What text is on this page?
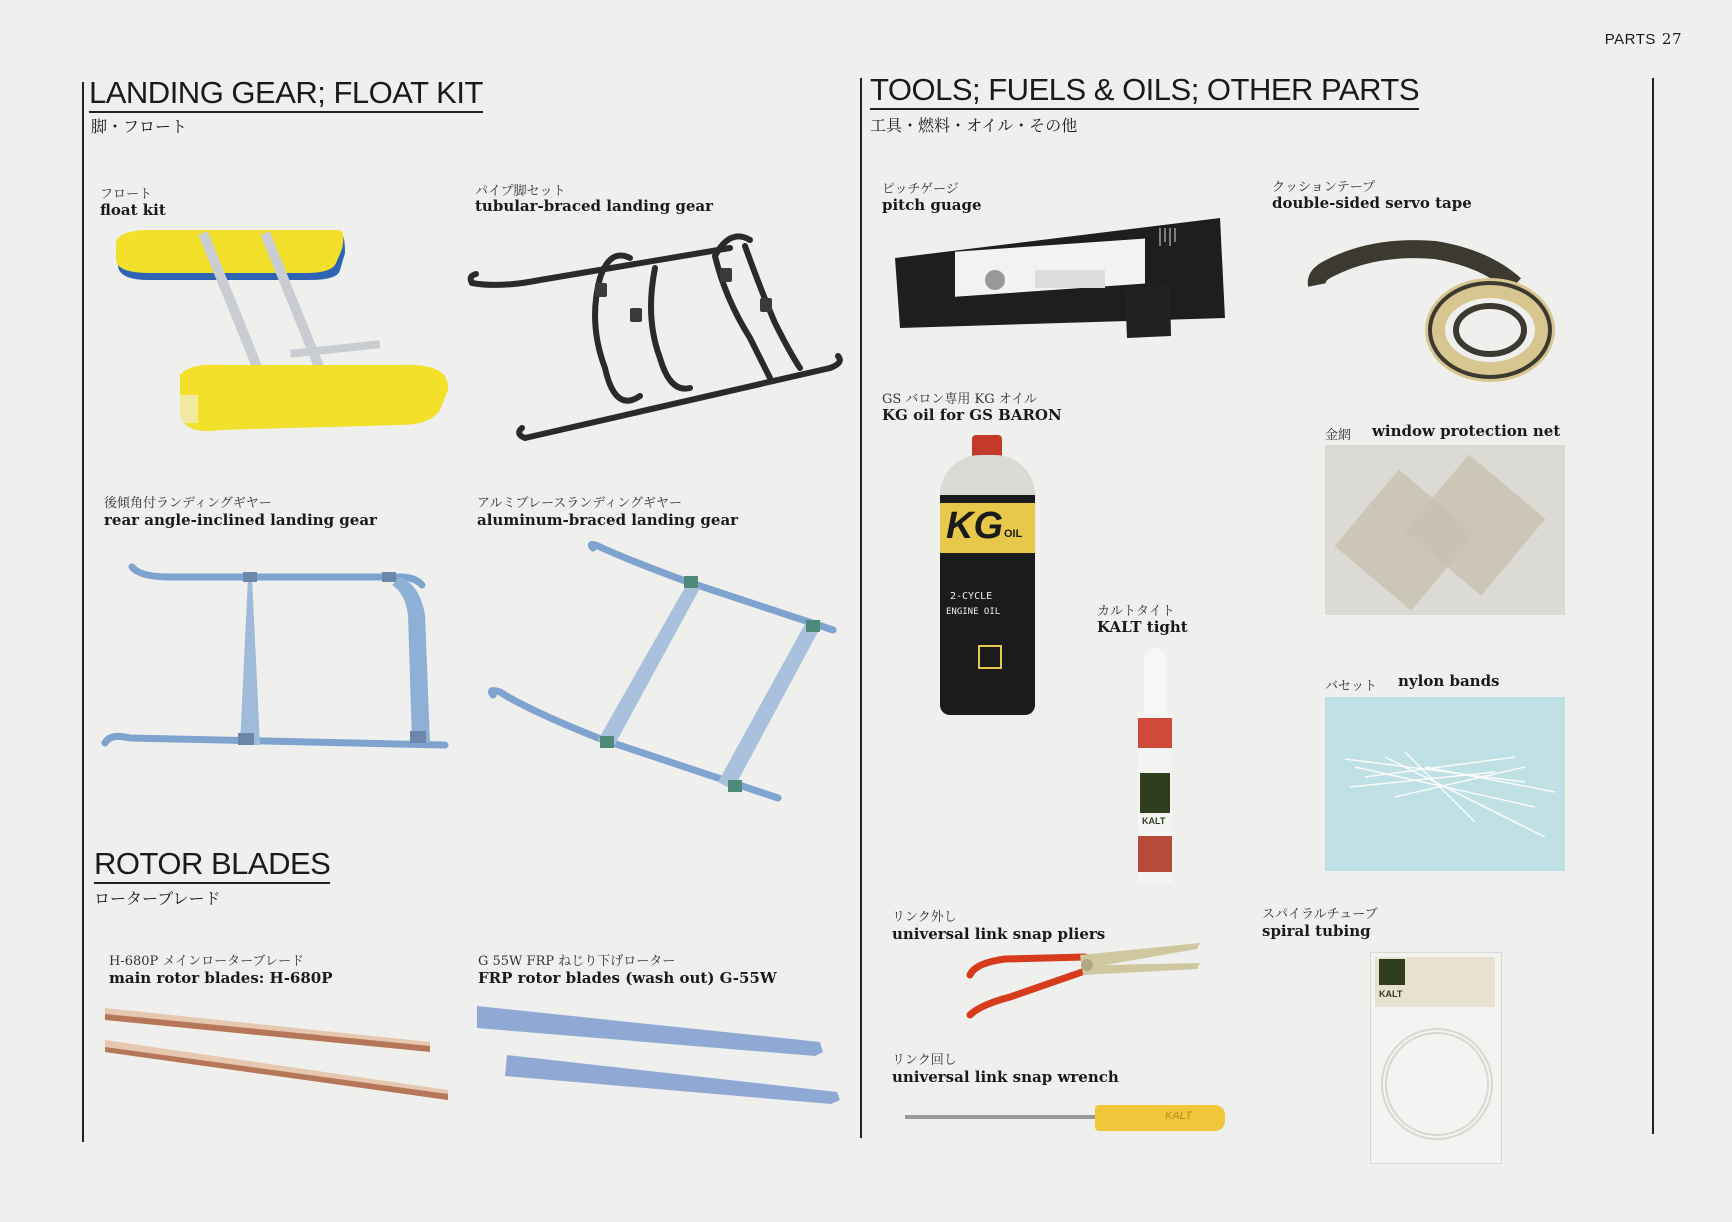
PARTS 27
LANDING GEAR; FLOAT KIT
脚・フロート
フロート
float kit
パイプ脚セット
tubular-braced landing gear
後傾角付ランディングギヤー
rear angle-inclined landing gear
アルミブレースランディングギヤー
aluminum-braced landing gear
ROTOR BLADES
ローターブレード
H-680P メインローターブレード
main rotor blades: H-680P
G 55W FRP ねじり下げローター
FRP rotor blades (wash out) G-55W
TOOLS; FUELS & OILS; OTHER PARTS
工具・燃料・オイル・その他
ピッチゲージ
pitch guage
クッションテープ
double-sided servo tape
GS バロン専用 KG オイル
KG oil for GS BARON
KG OIL
2-CYCLE
ENGINE OIL
金網 window protection net
カルトタイト
KALT tight
KALT
バセット nylon bands
リンク外し
universal link snap pliers
スパイラルチューブ
spiral tubing
KALT
リンク回し
universal link snap wrench
KALT
